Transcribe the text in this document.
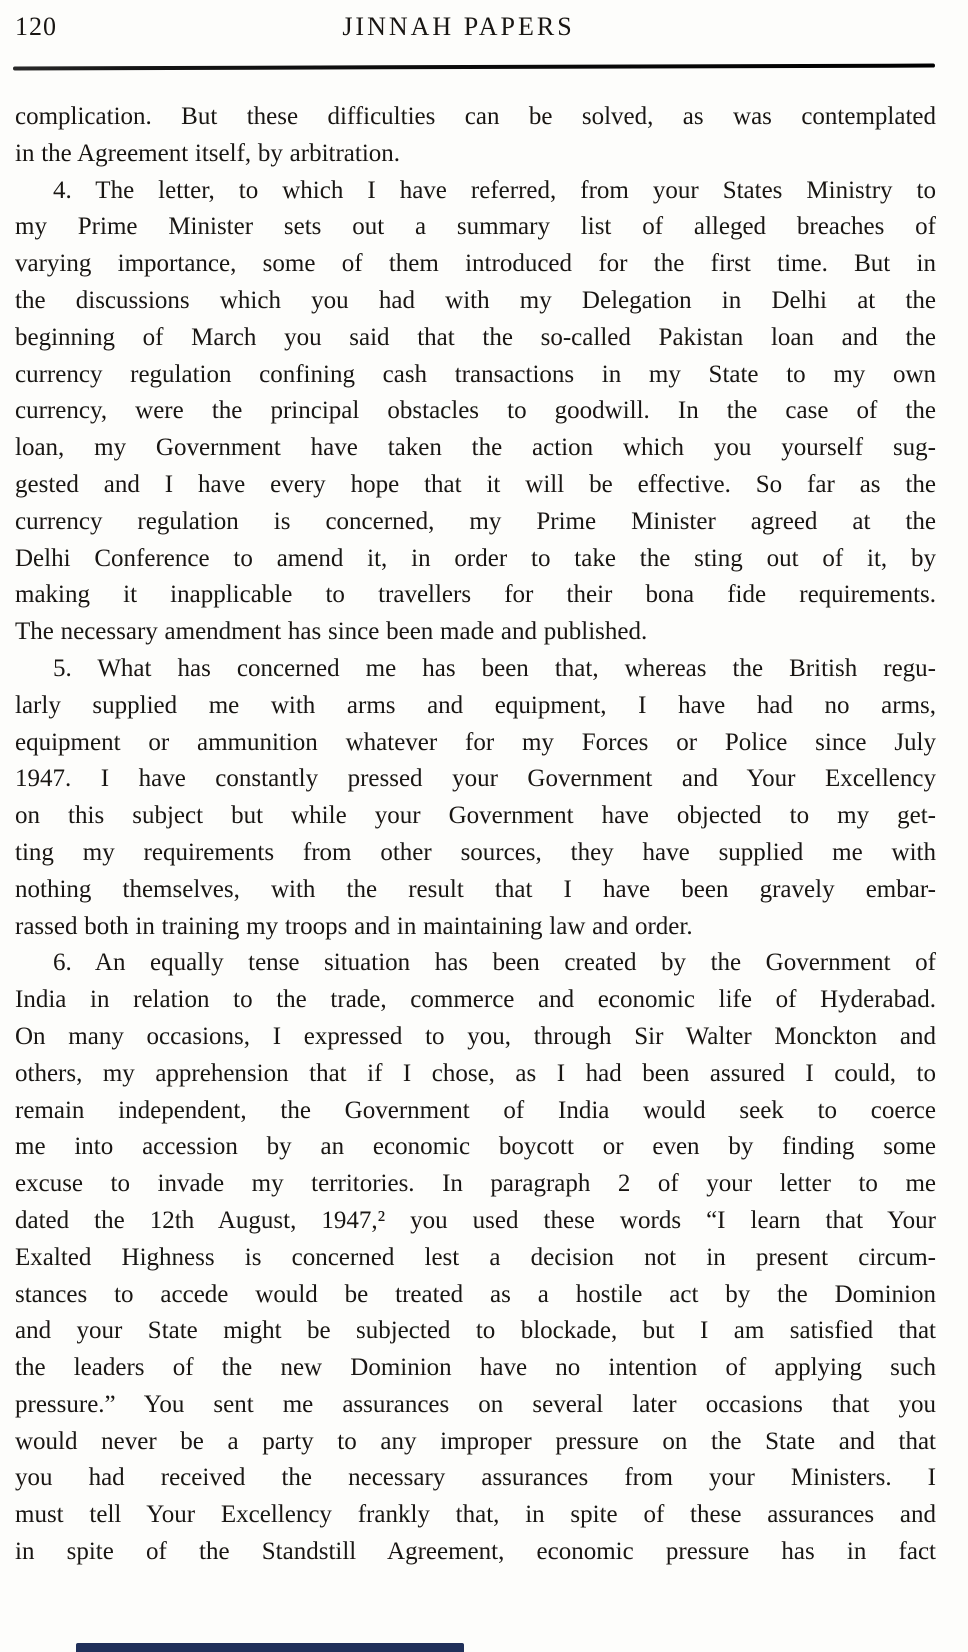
120	JINNAH PAPERS
complication. But these difficulties can be solved, as was contemplated
in the Agreement itself, by arbitration.
4. The letter, to which I have referred, from your States Ministry to
my Prime Minister sets out a summary list of alleged breaches of
varying importance, some of them introduced for the first time. But in
the discussions which you had with my Delegation in Delhi at the
beginning of March you said that the so-called Pakistan loan and the
currency regulation confining cash transactions in my State to my own
currency, were the principal obstacles to goodwill. In the case of the
loan, my Government have taken the action which you yourself sug-
gested and I have every hope that it will be effective. So far as the
currency regulation is concerned, my Prime Minister agreed at the
Delhi Conference to amend it, in order to take the sting out of it, by
making it inapplicable to travellers for their bona fide requirements.
The necessary amendment has since been made and published.
5. What has concerned me has been that, whereas the British regu-
larly supplied me with arms and equipment, I have had no arms,
equipment or ammunition whatever for my Forces or Police since July
1947. I have constantly pressed your Government and Your Excellency
on this subject but while your Government have objected to my get-
ting my requirements from other sources, they have supplied me with
nothing themselves, with the result that I have been gravely embar-
rassed both in training my troops and in maintaining law and order.
6. An equally tense situation has been created by the Government of
India in relation to the trade, commerce and economic life of Hyderabad.
On many occasions, I expressed to you, through Sir Walter Monckton and
others, my apprehension that if I chose, as I had been assured I could, to
remain independent, the Government of India would seek to coerce
me into accession by an economic boycott or even by finding some
excuse to invade my territories. In paragraph 2 of your letter to me
dated the 12th August, 1947,² you used these words “I learn that Your
Exalted Highness is concerned lest a decision not in present circum-
stances to accede would be treated as a hostile act by the Dominion
and your State might be subjected to blockade, but I am satisfied that
the leaders of the new Dominion have no intention of applying such
pressure.” You sent me assurances on several later occasions that you
would never be a party to any improper pressure on the State and that
you had received the necessary assurances from your Ministers. I
must tell Your Excellency frankly that, in spite of these assurances and
in spite of the Standstill Agreement, economic pressure has in fact
